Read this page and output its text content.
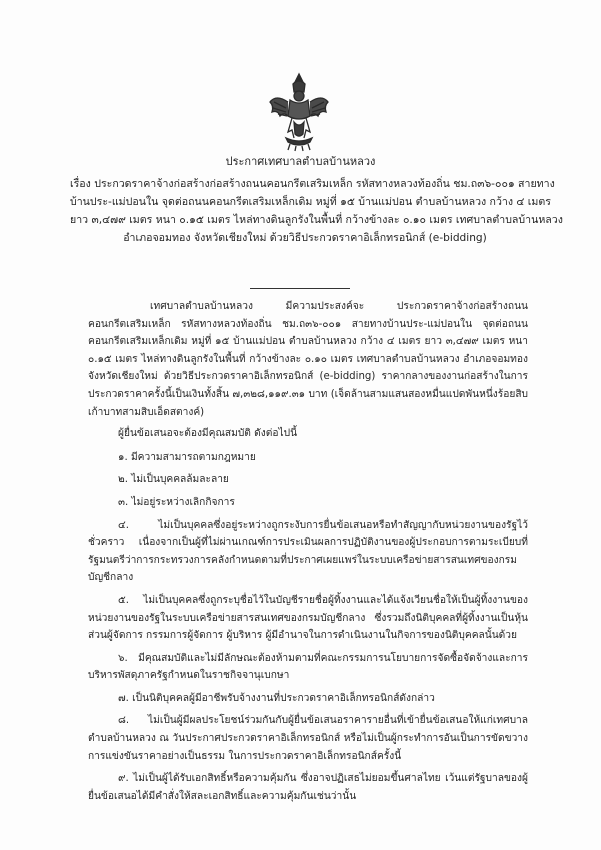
ประกาศเทศบาลตำบลบ้านหลวง
เรื่อง ประกวดราคาจ้างก่อสร้างก่อสร้างถนนคอนกรีตเสริมเหล็ก รหัสทางหลวงท้องถิ่น ชม.ถ๓๖-๐๐๑ สายทาง
บ้านประ-แม่ปอนใน จุดต่อถนนคอนกรีตเสริมเหล็กเดิม หมู่ที่ ๑๕ บ้านแม่ปอน ตำบลบ้านหลวง กว้าง ๔ เมตร
ยาว ๓,๔๗๙ เมตร หนา ๐.๑๕ เมตร ไหล่ทางดินลูกรังในพื้นที่ กว้างข้างละ ๐.๑๐ เมตร เทศบาลตำบลบ้านหลวง
อำเภอจอมทอง จังหวัดเชียงใหม่ ด้วยวิธีประกวดราคาอิเล็กทรอนิกส์ (e-bidding)

เทศบาลตำบลบ้านหลวง มีความประสงค์จะ ประกวดราคาจ้างก่อสร้างถนนคอนกรีตเสริมเหล็ก รหัสทางหลวงท้องถิ่น ชม.ถ๓๖-๐๐๑ สายทางบ้านประ-แม่ปอนใน จุดต่อถนนคอนกรีตเสริมเหล็กเดิม หมู่ที่ ๑๕ บ้านแม่ปอน ตำบลบ้านหลวง กว้าง ๔ เมตร ยาว ๓,๔๗๙ เมตร หนา ๐.๑๕ เมตร ไหล่ทางดินลูกรังในพื้นที่ กว้างข้างละ ๐.๑๐ เมตร เทศบาลตำบลบ้านหลวง อำเภอจอมทอง จังหวัดเชียงใหม่ ด้วยวิธีประกวดราคาอิเล็กทรอนิกส์ (e-bidding) ราคากลางของงานก่อสร้างในการประกวดราคาครั้งนี้เป็นเงินทั้งสิ้น ๗,๓๒๘,๑๑๙.๓๑ บาท (เจ็ดล้านสามแสนสองหมื่นแปดพันหนึ่งร้อยสิบเก้าบาทสามสิบเอ็ดสตางค์)

ผู้ยื่นข้อเสนอจะต้องมีคุณสมบัติ ดังต่อไปนี้
๑. มีความสามารถตามกฎหมาย
๒. ไม่เป็นบุคคลล้มละลาย
๓. ไม่อยู่ระหว่างเลิกกิจการ
๔. ไม่เป็นบุคคลซึ่งอยู่ระหว่างถูกระงับการยื่นข้อเสนอหรือทำสัญญากับหน่วยงานของรัฐไว้ชั่วคราว เนื่องจากเป็นผู้ที่ไม่ผ่านเกณฑ์การประเมินผลการปฏิบัติงานของผู้ประกอบการตามระเบียบที่รัฐมนตรีว่าการกระทรวงการคลังกำหนดตามที่ประกาศเผยแพร่ในระบบเครือข่ายสารสนเทศของกรมบัญชีกลาง
๕. ไม่เป็นบุคคลซึ่งถูกระบุชื่อไว้ในบัญชีรายชื่อผู้ทิ้งงานและได้แจ้งเวียนชื่อให้เป็นผู้ทิ้งงานของหน่วยงานของรัฐในระบบเครือข่ายสารสนเทศของกรมบัญชีกลาง ซึ่งรวมถึงนิติบุคคลที่ผู้ทิ้งงานเป็นหุ้นส่วนผู้จัดการ กรรมการผู้จัดการ ผู้บริหาร ผู้มีอำนาจในการดำเนินงานในกิจการของนิติบุคคลนั้นด้วย
๖. มีคุณสมบัติและไม่มีลักษณะต้องห้ามตามที่คณะกรรมการนโยบายการจัดซื้อจัดจ้างและการบริหารพัสดุภาครัฐกำหนดในราชกิจจานุเบกษา
๗. เป็นนิติบุคคลผู้มีอาชีพรับจ้างงานที่ประกวดราคาอิเล็กทรอนิกส์ดังกล่าว
๘. ไม่เป็นผู้มีผลประโยชน์ร่วมกันกับผู้ยื่นข้อเสนอราคารายอื่นที่เข้ายื่นข้อเสนอให้แก่เทศบาลตำบลบ้านหลวง ณ วันประกาศประกวดราคาอิเล็กทรอนิกส์ หรือไม่เป็นผู้กระทำการอันเป็นการขัดขวางการแข่งขันราคาอย่างเป็นธรรม ในการประกวดราคาอิเล็กทรอนิกส์ครั้งนี้
๙. ไม่เป็นผู้ได้รับเอกสิทธิ์หรือความคุ้มกัน ซึ่งอาจปฏิเสธไม่ยอมขึ้นศาลไทย เว้นแต่รัฐบาลของผู้ยื่นข้อเสนอได้มีคำสั่งให้สละเอกสิทธิ์และความคุ้มกันเช่นว่านั้น
